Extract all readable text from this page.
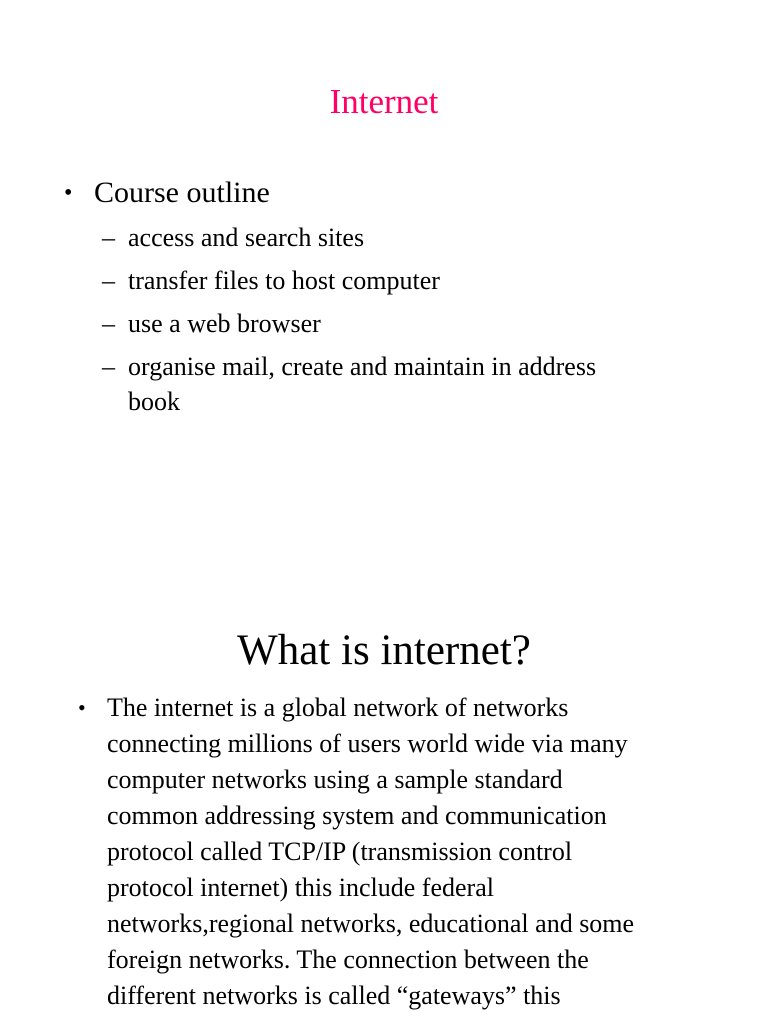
Internet
• Course outline
– access and search sites
– transfer files to host computer
– use a web browser
– organise mail, create and maintain in address
book
What is internet?
• The internet is a global network of networks
connecting millions of users world wide via many
computer networks using a sample standard
common addressing system and communication
protocol called TCP/IP (transmission control
protocol internet) this include federal
networks,regional networks, educational and some
foreign networks. The connection between the
different networks is called “gateways” this
